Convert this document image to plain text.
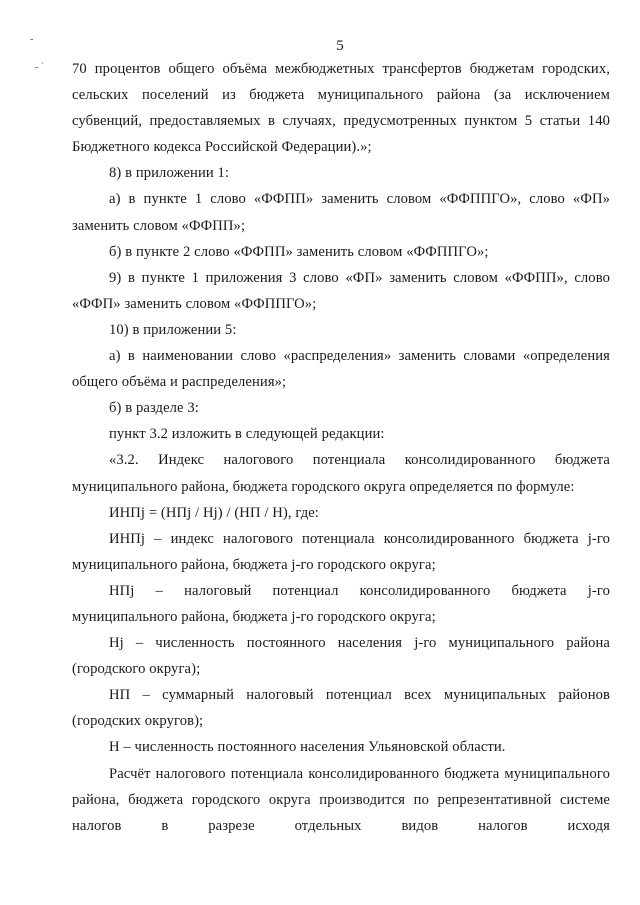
-
- ˊ
5

70 процентов общего объёма межбюджетных трансфертов бюджетам городских, сельских поселений из бюджета муниципального района (за исключением субвенций, предоставляемых в случаях, предусмотренных пунктом 5 статьи 140 Бюджетного кодекса Российской Федерации).»;

8) в приложении 1:

а) в пункте 1 слово «ФФПП» заменить словом «ФФППГО», слово «ФП» заменить словом «ФФПП»;

б) в пункте 2 слово «ФФПП» заменить словом «ФФППГО»;

9) в пункте 1 приложения 3 слово «ФП» заменить словом «ФФПП», слово «ФФП» заменить словом «ФФППГО»;

10) в приложении 5:

а) в наименовании слово «распределения» заменить словами «определения общего объёма и распределения»;

б) в разделе 3:

пункт 3.2 изложить в следующей редакции:

«3.2. Индекс налогового потенциала консолидированного бюджета муниципального района, бюджета городского округа определяется по формуле:

ИНПj = (НПj / Нj) / (НП / Н), где:

ИНПj – индекс налогового потенциала консолидированного бюджета j-го муниципального района, бюджета j-го городского округа;

НПj – налоговый потенциал консолидированного бюджета j-го муниципального района, бюджета j-го городского округа;

Нj – численность постоянного населения j-го муниципального района (городского округа);

НП – суммарный налоговый потенциал всех муниципальных районов (городских округов);

Н – численность постоянного населения Ульяновской области.

Расчёт налогового потенциала консолидированного бюджета муниципального района, бюджета городского округа производится по репрезентативной системе налогов в разрезе отдельных видов налогов исходя
